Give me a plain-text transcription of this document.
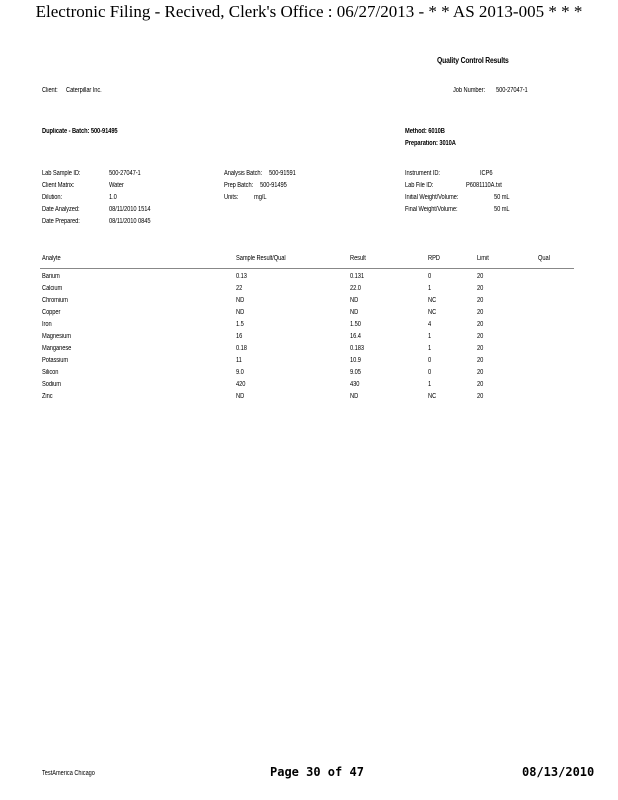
Electronic Filing - Recived, Clerk's Office : 06/27/2013 - * * AS 2013-005 * * *
Quality Control Results
Client: Caterpillar Inc.	Job Number: 500-27047-1
Duplicate - Batch: 500-91495	Method: 6010B
Preparation: 3010A
Lab Sample ID:	500-27047-1
Client Matrix:	Water
Dilution:	1.0
Date Analyzed:	08/11/2010 1514
Date Prepared:	08/11/2010 0845
Analysis Batch: 500-91591
Prep Batch: 500-91495
Units: mg/L
Instrument ID:	ICP6
Lab File ID:	P6081110A.txt
Initial Weight/Volume:	50 mL
Final Weight/Volume:	50 mL
Analyte	Sample Result/Qual	Result	RPD	Limit	Qual
Barium	0.13	0.131	0	20
Calcium	22	22.0	1	20
Chromium	ND	ND	NC	20
Copper	ND	ND	NC	20
Iron	1.5	1.50	4	20
Magnesium	16	16.4	1	20
Manganese	0.18	0.183	1	20
Potassium	11	10.9	0	20
Silicon	9.0	9.05	0	20
Sodium	420	430	1	20
Zinc	ND	ND	NC	20
TestAmerica Chicago	Page 30 of 47	08/13/2010
